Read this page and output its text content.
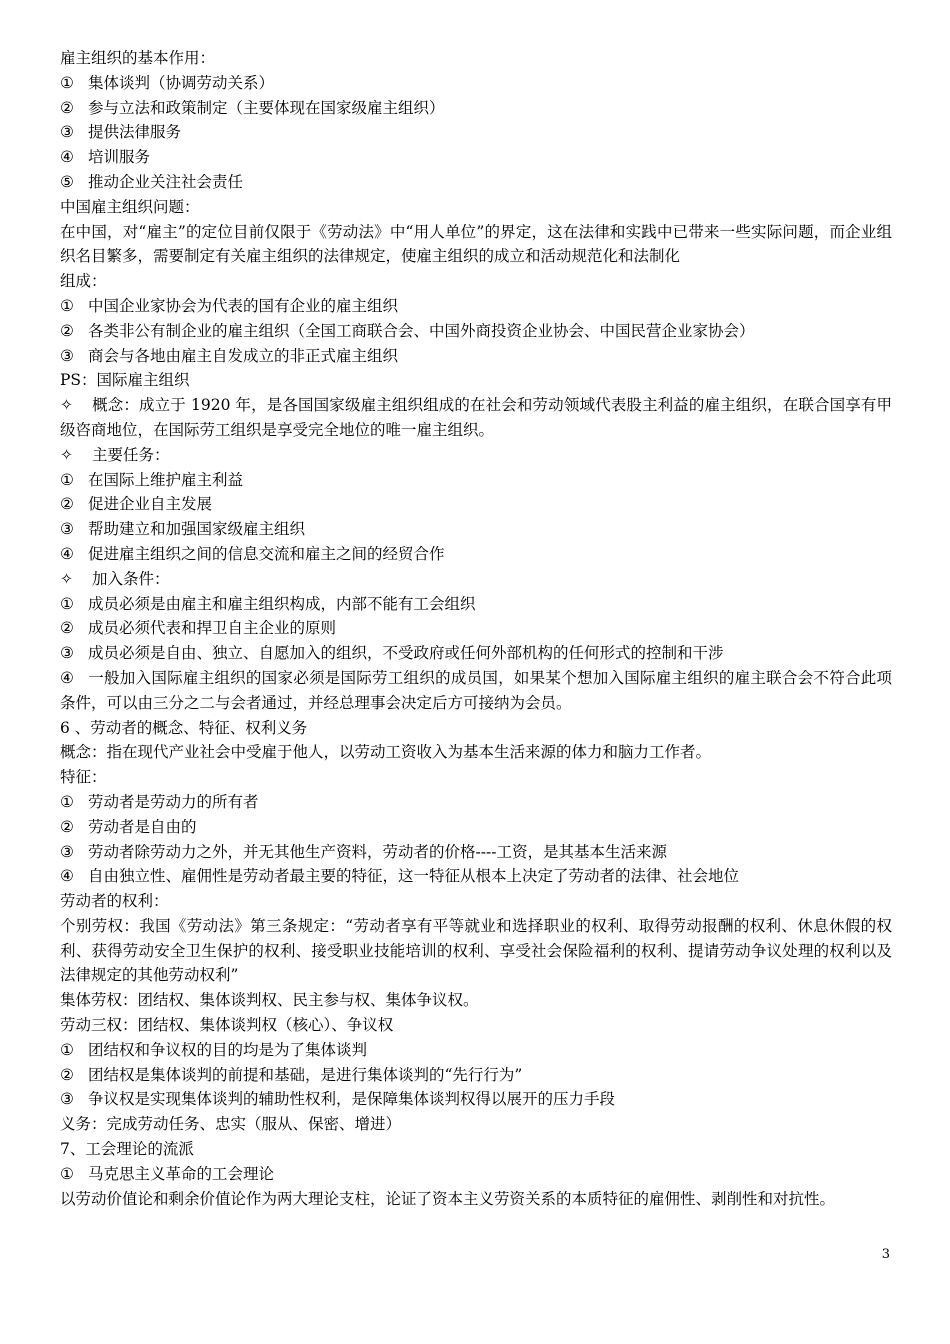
雇主组织的基本作用：
① 集体谈判（协调劳动关系）
② 参与立法和政策制定（主要体现在国家级雇主组织）
③ 提供法律服务
④ 培训服务
⑤ 推动企业关注社会责任
中国雇主组织问题：
在中国，对“雇主”的定位目前仅限于《劳动法》中“用人单位”的界定，这在法律和实践中已带来一些实际问题，而企业组织名目繁多，需要制定有关雇主组织的法律规定，使雇主组织的成立和活动规范化和法制化
组成：
① 中国企业家协会为代表的国有企业的雇主组织
② 各类非公有制企业的雇主组织（全国工商联合会、中国外商投资企业协会、中国民营企业家协会）
③ 商会与各地由雇主自发成立的非正式雇主组织
PS：国际雇主组织
✧ 概念：成立于 1920 年，是各国国家级雇主组织组成的在社会和劳动领域代表股主利益的雇主组织，在联合国享有甲级咨商地位，在国际劳工组织是享受完全地位的唯一雇主组织。
✧ 主要任务：
① 在国际上维护雇主利益
② 促进企业自主发展
③ 帮助建立和加强国家级雇主组织
④ 促进雇主组织之间的信息交流和雇主之间的经贸合作
✧ 加入条件：
① 成员必须是由雇主和雇主组织构成，内部不能有工会组织
② 成员必须代表和捍卫自主企业的原则
③ 成员必须是自由、独立、自愿加入的组织，不受政府或任何外部机构的任何形式的控制和干涉
④ 一般加入国际雇主组织的国家必须是国际劳工组织的成员国，如果某个想加入国际雇主组织的雇主联合会不符合此项条件，可以由三分之二与会者通过，并经总理事会决定后方可接纳为会员。
6 、劳动者的概念、特征、权利义务
概念：指在现代产业社会中受雇于他人，以劳动工资收入为基本生活来源的体力和脑力工作者。
特征：
① 劳动者是劳动力的所有者
② 劳动者是自由的
③ 劳动者除劳动力之外，并无其他生产资料，劳动者的价格----工资，是其基本生活来源
④ 自由独立性、雇佣性是劳动者最主要的特征，这一特征从根本上决定了劳动者的法律、社会地位
劳动者的权利：
个别劳权：我国《劳动法》第三条规定：“劳动者享有平等就业和选择职业的权利、取得劳动报酬的权利、休息休假的权利、获得劳动安全卫生保护的权利、接受职业技能培训的权利、享受社会保险福利的权利、提请劳动争议处理的权利以及法律规定的其他劳动权利”
集体劳权：团结权、集体谈判权、民主参与权、集体争议权。
劳动三权：团结权、集体谈判权（核心）、争议权
① 团结权和争议权的目的均是为了集体谈判
② 团结权是集体谈判的前提和基础，是进行集体谈判的“先行行为”
③ 争议权是实现集体谈判的辅助性权利，是保障集体谈判权得以展开的压力手段
义务：完成劳动任务、忠实（服从、保密、增进）
7、工会理论的流派
① 马克思主义革命的工会理论
以劳动价值论和剩余价值论作为两大理论支柱，论证了资本主义劳资关系的本质特征的雇佣性、剥削性和对抗性。
3
